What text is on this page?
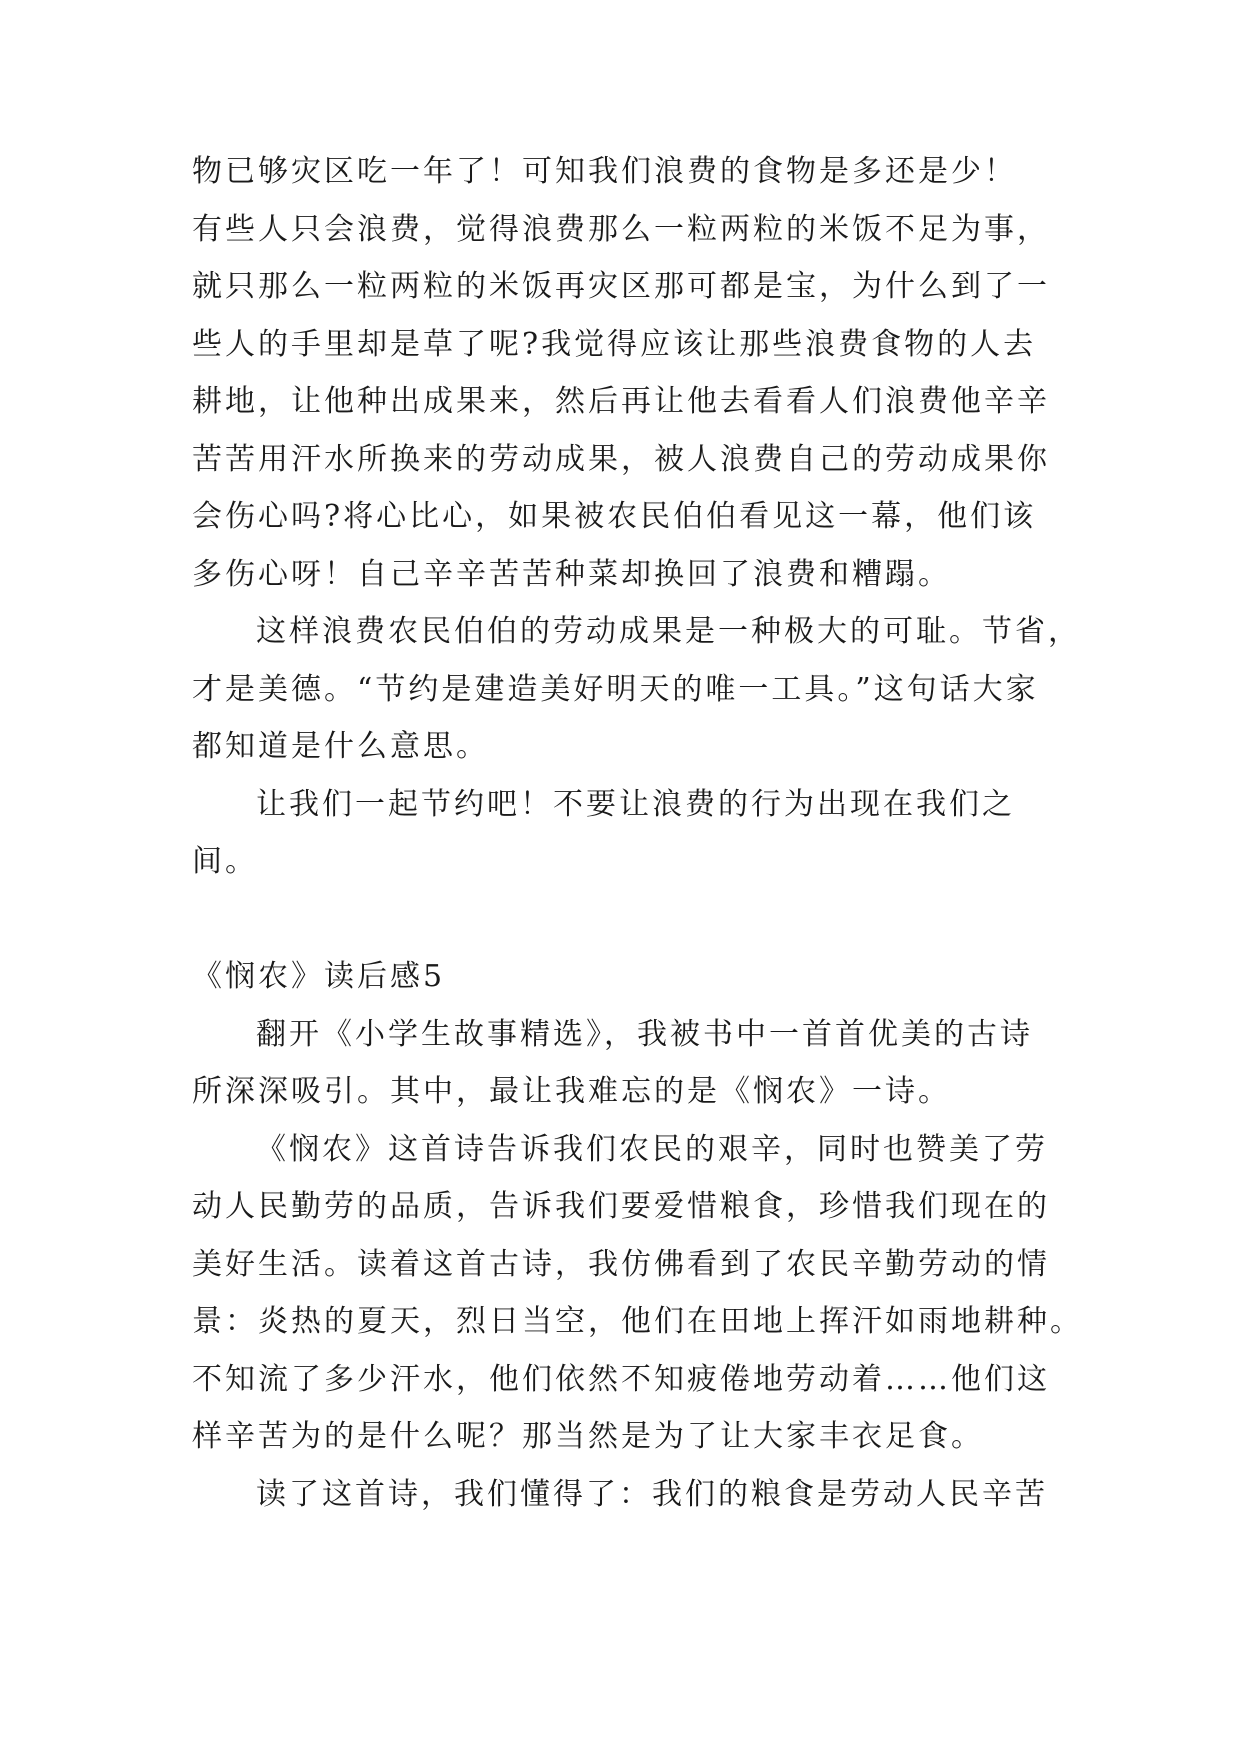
物已够灾区吃一年了！可知我们浪费的食物是多还是少！
有些人只会浪费，觉得浪费那么一粒两粒的米饭不足为事，
就只那么一粒两粒的米饭再灾区那可都是宝，为什么到了一
些人的手里却是草了呢?我觉得应该让那些浪费食物的人去
耕地，让他种出成果来，然后再让他去看看人们浪费他辛辛
苦苦用汗水所换来的劳动成果，被人浪费自己的劳动成果你
会伤心吗?将心比心，如果被农民伯伯看见这一幕，他们该
多伤心呀！自己辛辛苦苦种菜却换回了浪费和糟蹋。
这样浪费农民伯伯的劳动成果是一种极大的可耻。节省，
才是美德。“节约是建造美好明天的唯一工具。”这句话大家
都知道是什么意思。
让我们一起节约吧！不要让浪费的行为出现在我们之
间。
《悯农》读后感5
翻开《小学生故事精选》，我被书中一首首优美的古诗
所深深吸引。其中，最让我难忘的是《悯农》一诗。
《悯农》这首诗告诉我们农民的艰辛，同时也赞美了劳
动人民勤劳的品质，告诉我们要爱惜粮食，珍惜我们现在的
美好生活。读着这首古诗，我仿佛看到了农民辛勤劳动的情
景：炎热的夏天，烈日当空，他们在田地上挥汗如雨地耕种。
不知流了多少汗水，他们依然不知疲倦地劳动着……他们这
样辛苦为的是什么呢？那当然是为了让大家丰衣足食。
读了这首诗，我们懂得了：我们的粮食是劳动人民辛苦
